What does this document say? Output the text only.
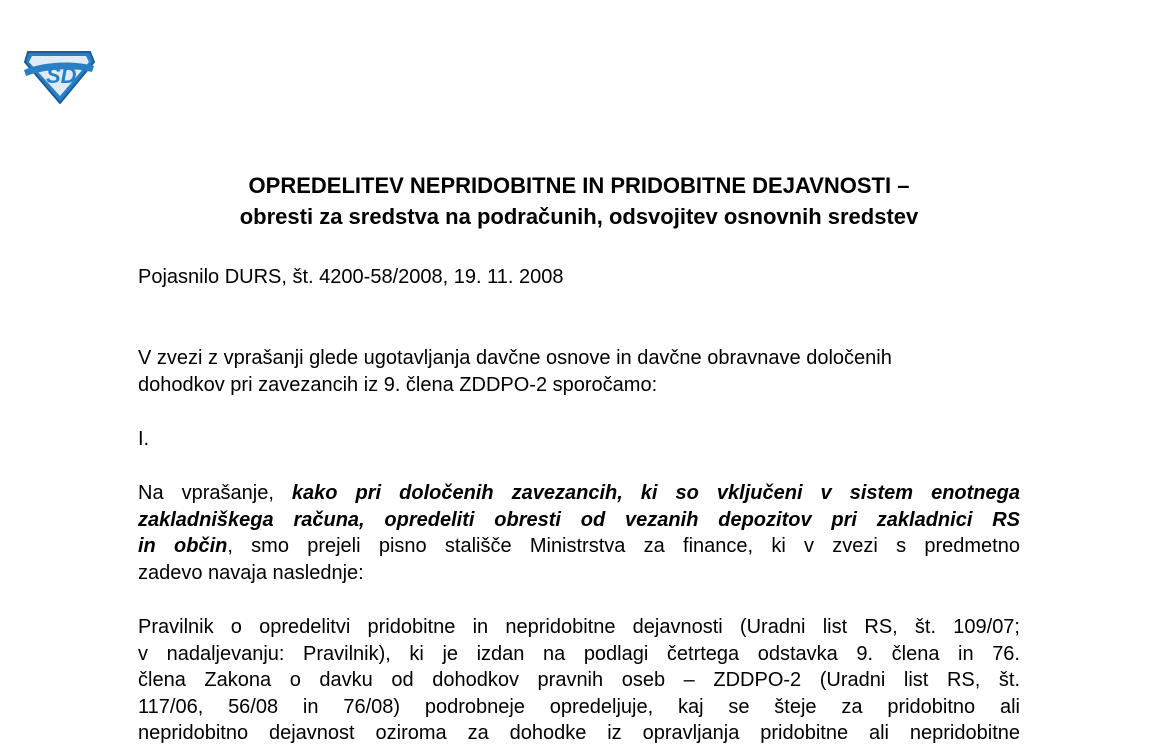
SD
OPREDELITEV NEPRIDOBITNE IN PRIDOBITNE DEJAVNOSTI –
obresti za sredstva na podračunih, odsvojitev osnovnih sredstev
Pojasnilo DURS, št. 4200-58/2008, 19. 11. 2008
V zvezi z vprašanji glede ugotavljanja davčne osnove in davčne obravnave določenih
dohodkov pri zavezancih iz 9. člena ZDDPO-2 sporočamo:
I.
Na vprašanje, kako pri določenih zavezancih, ki so vključeni v sistem enotnega
zakladniškega računa, opredeliti obresti od vezanih depozitov pri zakladnici RS
in občin, smo prejeli pisno stališče Ministrstva za finance, ki v zvezi s predmetno
zadevo navaja naslednje:
Pravilnik o opredelitvi pridobitne in nepridobitne dejavnosti (Uradni list RS, št. 109/07;
v nadaljevanju: Pravilnik), ki je izdan na podlagi četrtega odstavka 9. člena in 76.
člena Zakona o davku od dohodkov pravnih oseb – ZDDPO-2 (Uradni list RS, št.
117/06, 56/08 in 76/08) podrobneje opredeljuje, kaj se šteje za pridobitno ali
nepridobitno dejavnost oziroma za dohodke iz opravljanja pridobitne ali nepridobitne
